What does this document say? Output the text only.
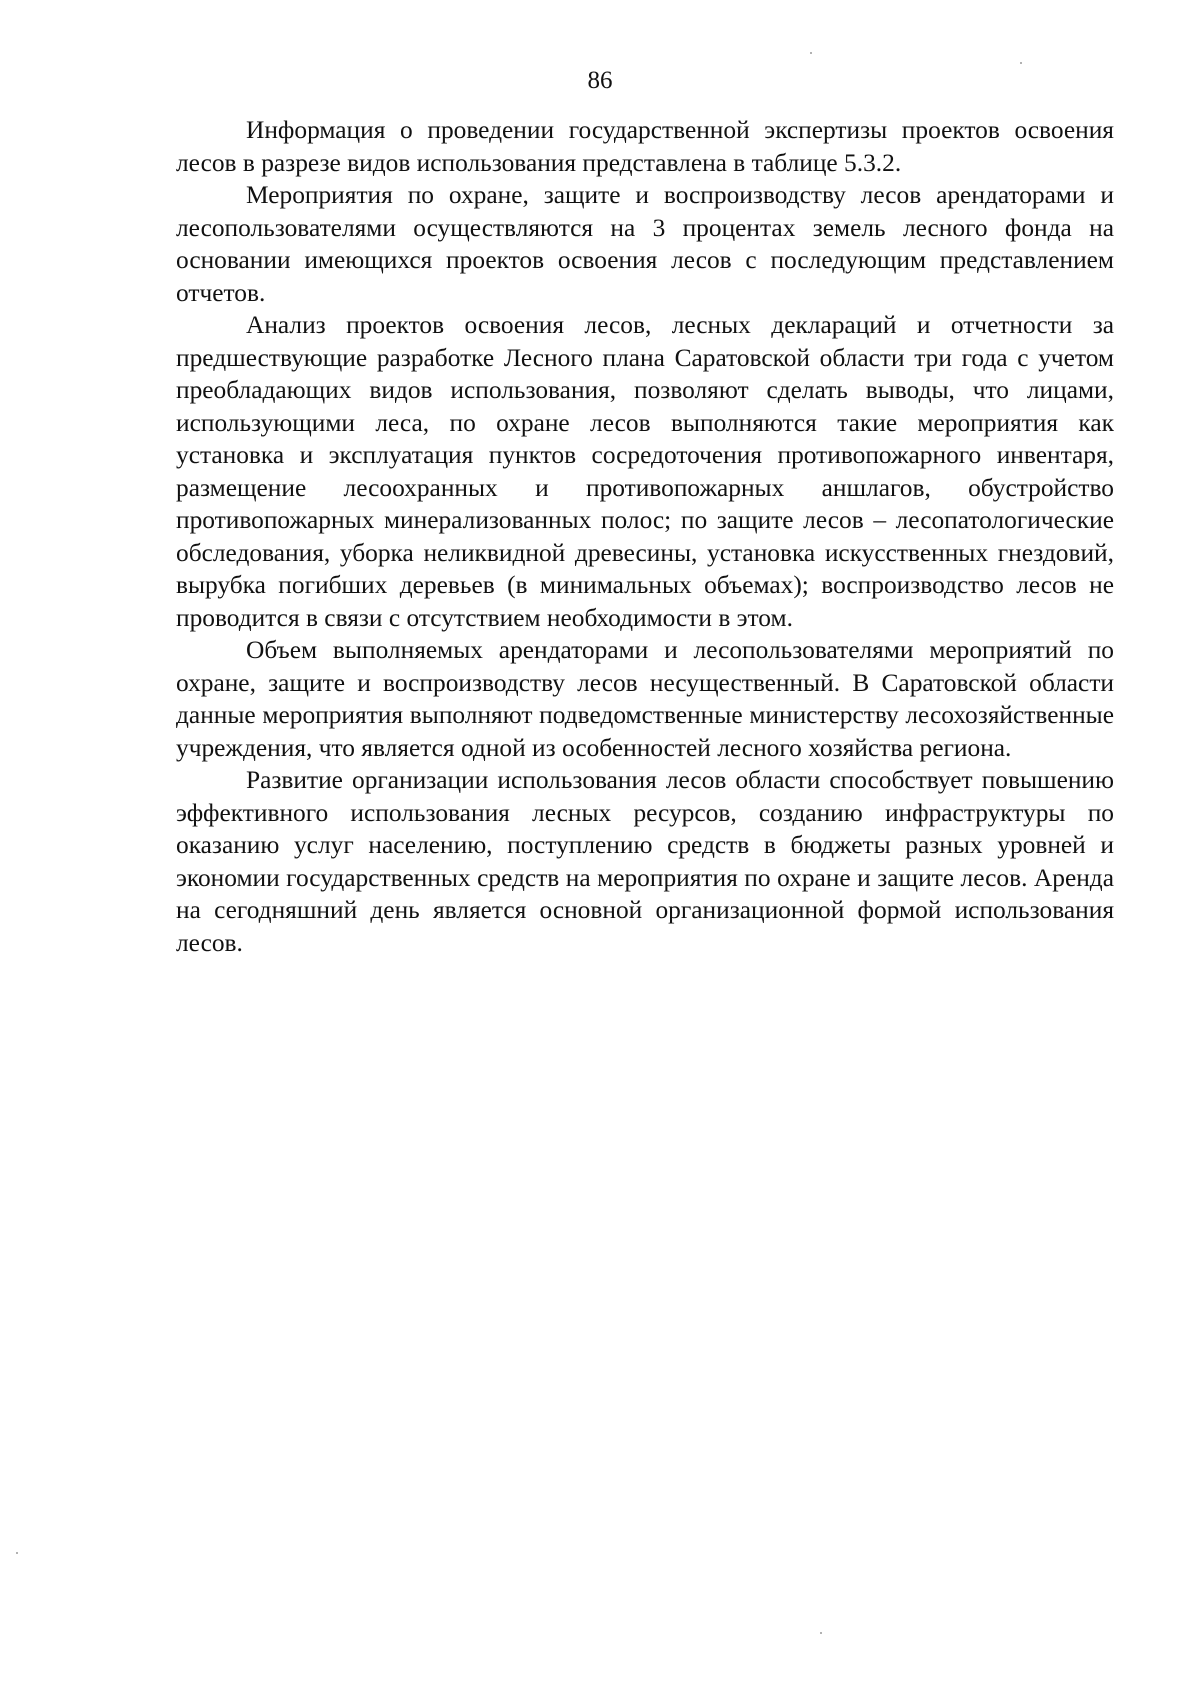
86

Информация о проведении государственной экспертизы проектов освоения лесов в разрезе видов использования представлена в таблице 5.3.2.

Мероприятия по охране, защите и воспроизводству лесов арендаторами и лесопользователями осуществляются на 3 процентах земель лесного фонда на основании имеющихся проектов освоения лесов с последующим представлением отчетов.

Анализ проектов освоения лесов, лесных деклараций и отчетности за предшествующие разработке Лесного плана Саратовской области три года с учетом преобладающих видов использования, позволяют сделать выводы, что лицами, использующими леса, по охране лесов выполняются такие мероприятия как установка и эксплуатация пунктов сосредоточения противопожарного инвентаря, размещение лесоохранных и противопожарных аншлагов, обустройство противопожарных минерализованных полос; по защите лесов – лесопатологические обследования, уборка неликвидной древесины, установка искусственных гнездовий, вырубка погибших деревьев (в минимальных объемах); воспроизводство лесов не проводится в связи с отсутствием необходимости в этом.

Объем выполняемых арендаторами и лесопользователями мероприятий по охране, защите и воспроизводству лесов несущественный. В Саратовской области данные мероприятия выполняют подведомственные министерству лесохозяйственные учреждения, что является одной из особенностей лесного хозяйства региона.

Развитие организации использования лесов области способствует повышению эффективного использования лесных ресурсов, созданию инфраструктуры по оказанию услуг населению, поступлению средств в бюджеты разных уровней и экономии государственных средств на мероприятия по охране и защите лесов. Аренда на сегодняшний день является основной организационной формой использования лесов.
